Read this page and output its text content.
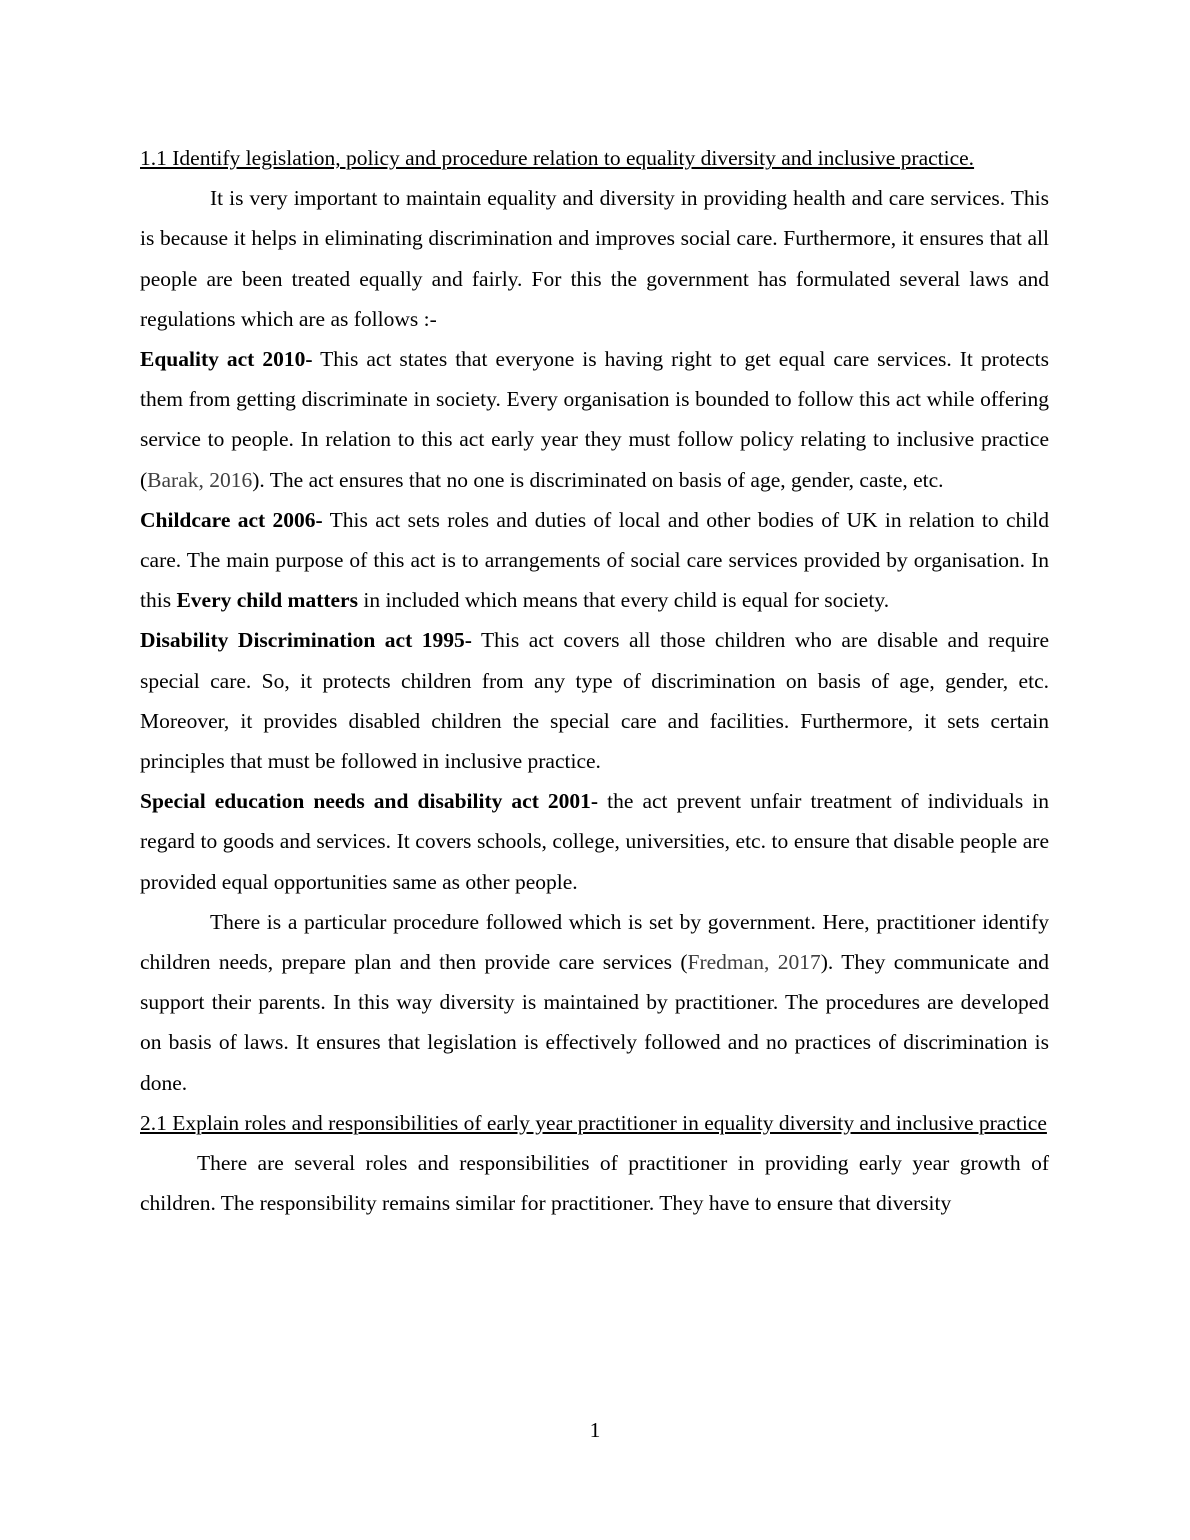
1.1 Identify legislation, policy and procedure relation to equality diversity and inclusive practice.

It is very important to maintain equality and diversity in providing health and care services. This is because it helps in eliminating discrimination and improves social care. Furthermore, it ensures that all people are been treated equally and fairly. For this the government has formulated several laws and regulations which are as follows :-

Equality act 2010- This act states that everyone is having right to get equal care services. It protects them from getting discriminate in society. Every organisation is bounded to follow this act while offering service to people. In relation to this act early year they must follow policy relating to inclusive practice (Barak, 2016). The act ensures that no one is discriminated on basis of age, gender, caste, etc.

Childcare act 2006- This act sets roles and duties of local and other bodies of UK in relation to child care. The main purpose of this act is to arrangements of social care services provided by organisation. In this Every child matters in included which means that every child is equal for society.

Disability Discrimination act 1995- This act covers all those children who are disable and require special care. So, it protects children from any type of discrimination on basis of age, gender, etc. Moreover, it provides disabled children the special care and facilities. Furthermore, it sets certain principles that must be followed in inclusive practice.

Special education needs and disability act 2001- the act prevent unfair treatment of individuals in regard to goods and services. It covers schools, college, universities, etc. to ensure that disable people are provided equal opportunities same as other people.

There is a particular procedure followed which is set by government. Here, practitioner identify children needs, prepare plan and then provide care services (Fredman, 2017). They communicate and support their parents. In this way diversity is maintained by practitioner. The procedures are developed on basis of laws. It ensures that legislation is effectively followed and no practices of discrimination is done.

2.1 Explain roles and responsibilities of early year practitioner in equality diversity and inclusive practice

There are several roles and responsibilities of practitioner in providing early year growth of children. The responsibility remains similar for practitioner. They have to ensure that diversity

1
